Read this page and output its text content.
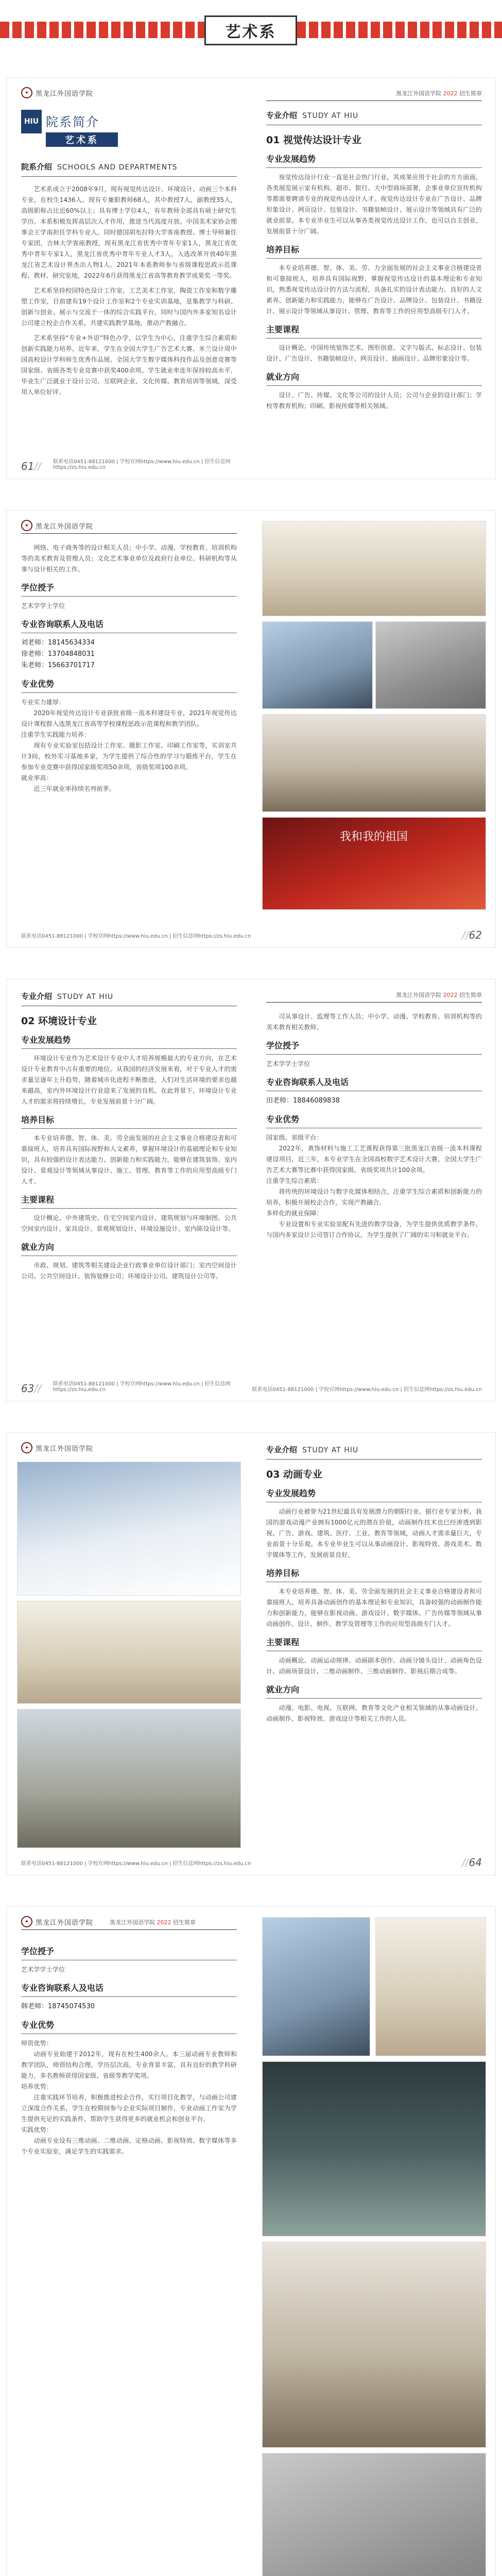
艺术系
✦ 黑龙江外国语学院
HIU 院系简介
艺术系
院系介绍 SCHOOLS AND DEPARTMENTS

艺术系成立于2008年9月，现有视觉传达设计、环境设计、动画三个本科专业，在校生1436人。现有专兼职教师68人，其中教授7人，副教授35人，高级职称占比近60%以上；具有博士学位4人，有年教师全部具有硕士研究生学历。本系积极发挥高层次人才作用，推进当代高度开放。中国美术家协会理事会王学南担任学科专业人，同时德国胡布拉特大学客座教授、博士导师兼任专家团，吉林大学客座教授，现有黑龙江省优秀中青年专家1人，黑龙江省优秀中青年专家1人，黑龙江省优秀中青年专业人才3人，入选改革开放40年黑龙江省艺术设计界杰出人物1人。2021年本系教师参与省级课程思政示范课程、教材、研究室地，2022年6月获得黑龙江省高等教育教学成果奖一等奖。

艺术系坚持校园特色设计工作室，工艺美术工作室，陶瓷工作室和数字雕塑工作室，目前建有19个设计工作室和2个专业实训基地，是集教学与科研、创新与创业、展示与交流于一体的综合实践平台，同时与国内外多家知名设计公司建立校企合作关系，共建实践教学基地，推动产教融合。

艺术系坚持“专业+外语”特色办学，以学生为中心，注重学生综合素质和创新实践能力培养。近年来，学生在全国大学生广告艺术大赛、米兰设计周中国高校设计学科师生优秀作品展、全国大学生数字媒体科技作品及创意竞赛等国家级、省级各类专业竞赛中获奖400余项。学生就业率连年保持较高水平，毕业生广泛就业于设计公司、互联网企业、文化传媒、教育培训等领域，深受用人单位好评。

61// 联系电话0451-88121000 | 学校官网https://www.hiu.edu.cn | 招生信息网https://zs.hiu.edu.cn
黑龙江外国语学院 2022 招生简章
专业介绍 STUDY AT HIU
01 视觉传达设计专业
专业发展趋势

视觉传达设计行业一直是社会热门行业，其成果应用于社会的方方面面，各类展览展示家有机构、超市、银行、大中型商场部署，企事业单位宣传机构等都需要聘请专业的视觉传达设计人才。视觉传达设计专业在广告设计、品牌形象设计、网页设计、包装设计、书籍装帧设计、展示设计等领域具有广泛的就业前景。本专业毕业生可以从事各类视觉传达设计工作，也可以自主创业，发展前景十分广阔。

培养目标

本专业培养德、智、体、美、劳、力全面发展的社会主义事业合格建设者和可靠接班人，培养具有国际视野、掌握视觉传达设计的基本理论和专业知识，熟悉视觉传达设计的方法与流程，具备扎实的设计表达能力、良好的人文素养、创新能力和实践能力，能够在广告设计、品牌设计、包装设计、书籍设计、展示设计等领域从事设计、管理、教育等工作的应用型高级专门人才。

主要课程

设计概论、中国传统装饰艺术、图形创意、文字与版式、标志设计、包装设计、广告设计、书籍装帧设计、网页设计、插画设计、品牌形象设计等。

就业方向

设计、广告、传媒、文化等公司的设计人员；公司与企业的设计部门；学校等教育机构；印刷、影视传媒等相关领域。

✦ 黑龙江外国语学院

网络、电子商务等的设计相关人员；中小学、动漫、学校教育、培训机构等的美术教育及管理人员；文化艺术事业单位及政府行业单位、科研机构等从事与设计相关的工作。

学位授予

艺术学学士学位

专业咨询联系人及电话
刘老师：18145634334
徐老师：13704848031
朱老师：15663701717
专业优势

专业实力雄厚：

2020年视觉传达设计专业获批省级一流本科建设专业，2021年视觉传达设计课程群入选黑龙江省高等学校课程思政示范课程和教学团队。

注重学生实践能力培养：

现有专业实验室包括设计工作室、摄影工作室、印刷工作室等，实训室共计3间，校外实习基地多家，为学生提供了综合性的学习与锻炼平台，学生在参加专业竞赛中获得国家级奖项50余项，省级奖项100余项。

就业率高：

近三年就业率持续名列前茅。

联系电话0451-88121000 | 学校官网https://www.hiu.edu.cn | 招生信息网https://zs.hiu.edu.cn
我和我的祖国
//62
专业介绍 STUDY AT HIU
02 环境设计专业
专业发展趋势

环境设计专业作为艺术设计专业中人才培养规模最大的专业方向，在艺术设计专业教育中占有重要的地位。从我国的经济发展来看，对于专业人才的需求量呈逐年上升趋势，随着城市化进程不断推进，人们对生活环境的要求也越来越高，室内外环境设计行业迎来了发展的良机。在此背景下，环境设计专业人才的需求将持续增长，专业发展前景十分广阔。

培养目标

本专业培养德、智、体、美、劳全面发展的社会主义事业合格建设者和可靠接班人，培养具有国际视野和人文素养，掌握环境设计的基础理论和专业知识，具有较强的设计表达能力、创新能力和实践能力，能够在建筑装饰、室内设计、景观设计等领域从事设计、施工、管理、教育等工作的应用型高级专门人才。

主要课程

设计概论、中外建筑史、住宅空间室内设计、建筑规划与环境制图、公共空间室内设计、家具设计、景观规划设计、环境设施设计、室内陈设设计等。

就业方向

市政、规划、建筑等相关建设企业行政事业单位设计部门；室内空间设计公司、公共空间设计、装饰装修公司；环境设计公司、建筑设计公司等。

63// 联系电话0451-88121000 | 学校官网https://www.hiu.edu.cn | 招生信息网https://zs.hiu.edu.cn
黑龙江外国语学院 2022 招生简章

司从事设计、监理等工作人员；中小学、动漫、学校教育、培训机构等的美术教育相关教师。

学位授予

艺术学学士学位

专业咨询联系人及电话
田老师：18846089838
专业优势

国家级、省级平台：

2022年，黄饰材料与施工工艺课程获得第三批黑龙江省级一流本科课程建设项目，近三年，本专业学生在全国高校数字艺术设计大赛、全国大学生广告艺术大赛等比赛中获得国家级、省级奖项共计100余项。

注重学生综合素质：

将传统的环境设计与数字化媒体相结合，注重学生综合素质和创新能力的培养，积极开展校企合作，实现产教融合。

多样化的就业保障：

专业设置和专业实验室配有先进的教学设备，为学生提供优质教学条件，与国内多家设计公司签订合作协议，为学生提供了广阔的实习和就业平台。

联系电话0451-88121000 | 学校官网https://www.hiu.edu.cn | 招生信息网https://zs.hiu.edu.cn
✦ 黑龙江外国语学院
联系电话0451-88121000 | 学校官网https://www.hiu.edu.cn | 招生信息网https://zs.hiu.edu.cn
专业介绍 STUDY AT HIU
03 动画专业
专业发展趋势

动画行业被誉为21世纪最具有发展潜力的朝阳行业。据行业专家分析，我国的游戏动漫产业拥有1000亿元的潜在价值，动画制作技术也已经渗透到影视、广告、游戏、建筑、医疗、工业、教育等领域，动画人才需求量巨大，专业前景十分乐观。本专业毕业生可以从事动画设计、影视特效、游戏美术、数字媒体等工作，发展前景良好。

培养目标

本专业培养德、智、体、美、劳全面发展的社会主义事业合格建设者和可靠接班人，培养具备动画创作的基本理论和专业知识，具备较强的动画制作能力和创新能力，能够在影视动画、游戏设计、数字媒体、广告传媒等领域从事动画创作、设计、制作、教学及管理等工作的应用型高级专门人才。

主要课程

动画概论、动画运动规律、动画剧本创作、动画分镜头设计、动画角色设计、动画场景设计、二维动画制作、三维动画制作、影视后期合成等。

就业方向

动漫、电影、电视、互联网、教育等文化产业相关领域的从事动画设计、动画制作、影视特效、游戏设计等相关工作的人员。

//64
黑龙江外国语学院 2022 招生简章
✦ 黑龙江外国语学院
学位授予

艺术学学士学位

专业咨询联系人及电话
韩老师：18745074530
专业优势

师资优势：

动画专业始建于2012年，现有在校生400余人。本三届动画专业教师和教学团队，师资结构合理，学历层次高，专业背景丰富，具有良好的教学科研能力，多名教师获得国家级、省级等教学奖项。

培养优势：

注重实践环节培养，积极推进校企合作，实行项目化教学，与动画公司建立深度合作关系，学生在校期间参与企业实际项目制作，专业动画工作室为学生提供充足的实践条件，帮助学生获得更多的就业机会和创业平台。

实践优势：

动画专业设有三维动画、二维动画、定格动画、影视特效、数字媒体等多个专业实验室，满足学生的实践需求。
